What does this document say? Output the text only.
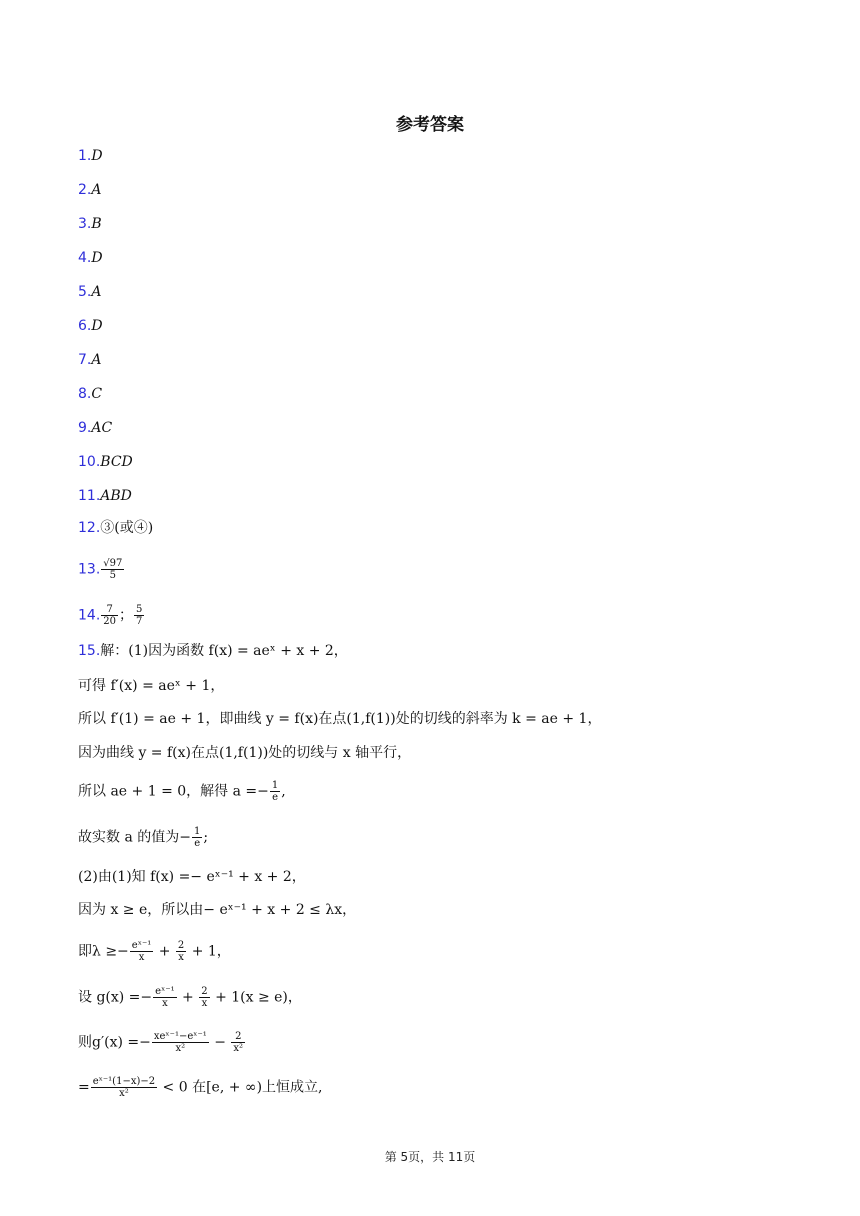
参考答案
1.D
2.A
3.B
4.D
5.A
6.D
7.A
8.C
9.AC
10.BCD
11.ABD
12.③(或④)
13. $\frac{√97}{5}$
14. $\frac{7}{20}$ ； $\frac{5}{7}$
15.解：(1)因为函数 f(x) = aeˣ + x + 2，
可得 f′(x) = aeˣ + 1，
所以 f′(1) = ae + 1，即曲线 y = f(x)在点(1,f(1))处的切线的斜率为 k = ae + 1，
因为曲线 y = f(x)在点(1,f(1))处的切线与 x 轴平行，
所以 ae + 1 = 0，解得 $a =- \frac{1}{e}$ ,
故实数 a 的值为− $\frac{1}{e}$ ;
(2)由(1)知 f(x) =− eˣ⁻¹ + x + 2，
因为 x ≥ e，所以由− eˣ⁻¹ + x + 2 ≤ λx，
即$\lambda \ge- \frac{\text{eˣ⁻¹}}{x} + \frac{2}{x} + 1$，
设 $g(x) =- \frac{\text{eˣ⁻¹}}{x} + \frac{2}{x} + 1(x \ge e)$，
则$g'(x) =- \frac{\text{xeˣ⁻¹−eˣ⁻¹}}{\text{x²}} - \frac{2}{\text{x²}}$
= $\frac{\text{eˣ⁻¹(1−x)−2}}{\text{x²}} < 0$ 在[e, + ∞)上恒成立,
第 5页，共 11页
